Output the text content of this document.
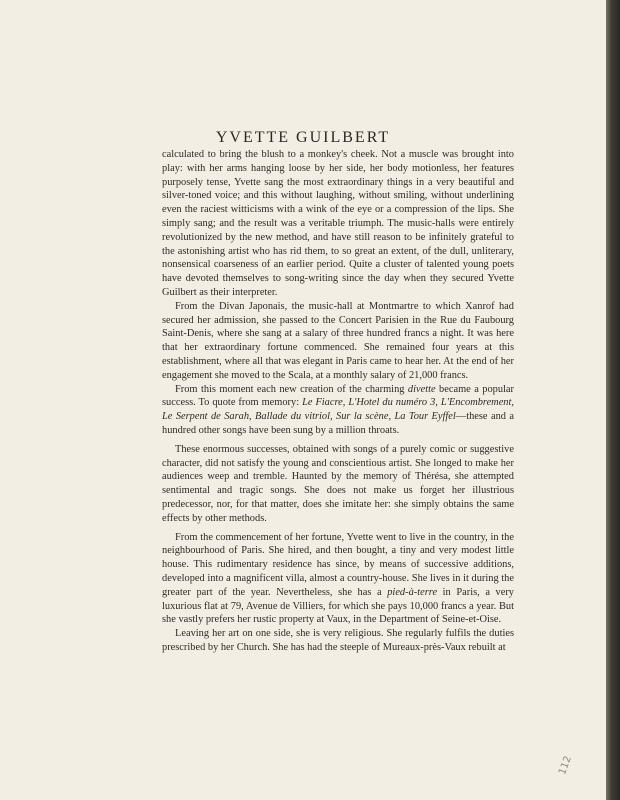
YVETTE GUILBERT

calculated to bring the blush to a monkey's cheek. Not a muscle was brought into play: with her arms hanging loose by her side, her body motionless, her features purposely tense, Yvette sang the most extraordinary things in a very beautiful and silver-toned voice; and this without laughing, without smiling, without underlining even the raciest witticisms with a wink of the eye or a compression of the lips. She simply sang; and the result was a veritable triumph. The music-halls were entirely revolutionized by the new method, and have still reason to be infinitely grateful to the astonishing artist who has rid them, to so great an extent, of the dull, unliterary, nonsensical coarseness of an earlier period. Quite a cluster of talented young poets have devoted themselves to song-writing since the day when they secured Yvette Guilbert as their interpreter.

From the Divan Japonais, the music-hall at Montmartre to which Xanrof had secured her admission, she passed to the Concert Parisien in the Rue du Faubourg Saint-Denis, where she sang at a salary of three hundred francs a night. It was here that her extraordinary fortune commenced. She remained four years at this establishment, where all that was elegant in Paris came to hear her. At the end of her engagement she moved to the Scala, at a monthly salary of 21,000 francs.

From this moment each new creation of the charming divette became a popular success. To quote from memory: Le Fiacre, L'Hotel du numéro 3, L'Encombrement, Le Serpent de Sarah, Ballade du vitriol, Sur la scène, La Tour Eyffel—these and a hundred other songs have been sung by a million throats.

These enormous successes, obtained with songs of a purely comic or suggestive character, did not satisfy the young and conscientious artist. She longed to make her audiences weep and tremble. Haunted by the memory of Thérésa, she attempted sentimental and tragic songs. She does not make us forget her illustrious predecessor, nor, for that matter, does she imitate her: she simply obtains the same effects by other methods.

From the commencement of her fortune, Yvette went to live in the country, in the neighbourhood of Paris. She hired, and then bought, a tiny and very modest little house. This rudimentary residence has since, by means of successive additions, developed into a magnificent villa, almost a country-house. She lives in it during the greater part of the year. Nevertheless, she has a pied-à-terre in Paris, a very luxurious flat at 79, Avenue de Villiers, for which she pays 10,000 francs a year. But she vastly prefers her rustic property at Vaux, in the Department of Seine-et-Oise.

Leaving her art on one side, she is very religious. She regularly fulfils the duties prescribed by her Church. She has had the steeple of Mureaux-près-Vaux rebuilt at

112
